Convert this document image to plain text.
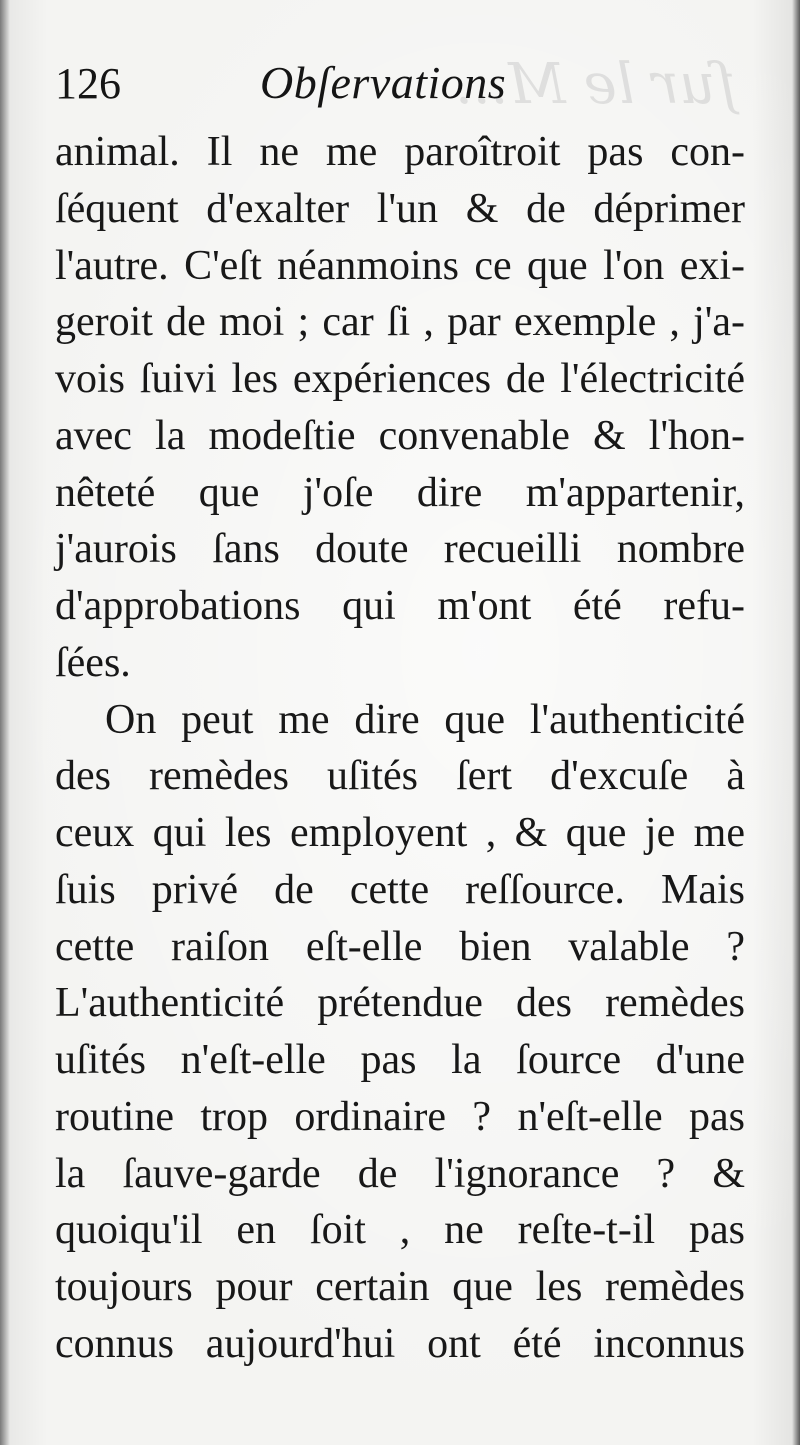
ſur le M...
126	Obſervations
animal. Il ne me paroîtroit pas con-
ſéquent d'exalter l'un & de déprimer
l'autre. C'eſt néanmoins ce que l'on exi-
geroit de moi ; car ſi , par exemple , j'a-
vois ſuivi les expériences de l'électricité
avec la modeſtie convenable & l'hon-
nêteté que j'oſe dire m'appartenir,
j'aurois ſans doute recueilli nombre
d'approbations qui m'ont été refu-
ſées.
On peut me dire que l'authenticité
des remèdes uſités ſert d'excuſe à
ceux qui les employent , & que je me
ſuis privé de cette reſſource. Mais
cette raiſon eſt-elle bien valable ?
L'authenticité prétendue des remèdes
uſités n'eſt-elle pas la ſource d'une
routine trop ordinaire ? n'eſt-elle pas
la ſauve-garde de l'ignorance ? &
quoiqu'il en ſoit , ne reſte-t-il pas
toujours pour certain que les remèdes
connus aujourd'hui ont été inconnus
